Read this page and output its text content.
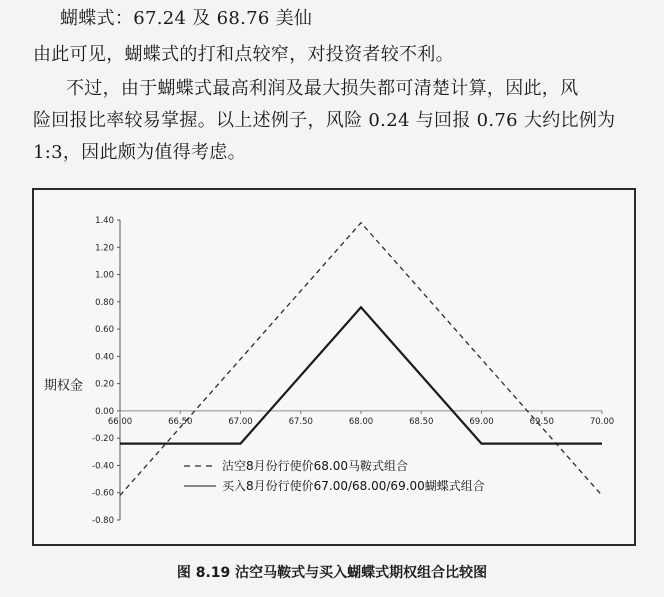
蝴蝶式：67.24 及 68.76 美仙
由此可见，蝴蝶式的打和点较窄，对投资者较不利。
不过，由于蝴蝶式最高利润及最大损失都可清楚计算，因此，风
险回报比率较易掌握。以上述例子，风险 0.24 与回报 0.76 大约比例为
1:3，因此颇为值得考虑。
1.40
1.20
1.00
0.80
0.60
0.40
0.20
0.00
-0.20
-0.40
-0.60
-0.80
66.00	66.50	67.00	67.50	68.00	68.50	69.00	69.50	70.00
期权金
沽空8月份行使价68.00马鞍式组合
买入8月份行使价67.00/68.00/69.00蝴蝶式组合
图 8.19 沽空马鞍式与买入蝴蝶式期权组合比较图
